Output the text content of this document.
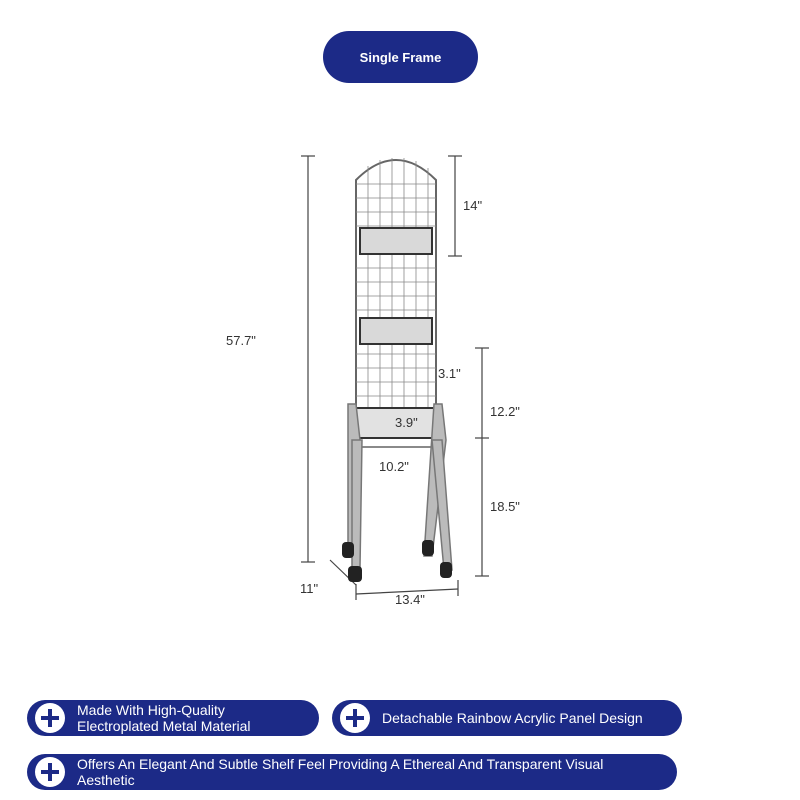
Single Frame
57.7"
14"
3.1"
12.2"
3.9"
10.2"
18.5"
11"
13.4"
Made With High-Quality Electroplated Metal Material	Detachable Rainbow Acrylic Panel Design
Offers An Elegant And Subtle Shelf Feel Providing A Ethereal And Transparent Visual Aesthetic
